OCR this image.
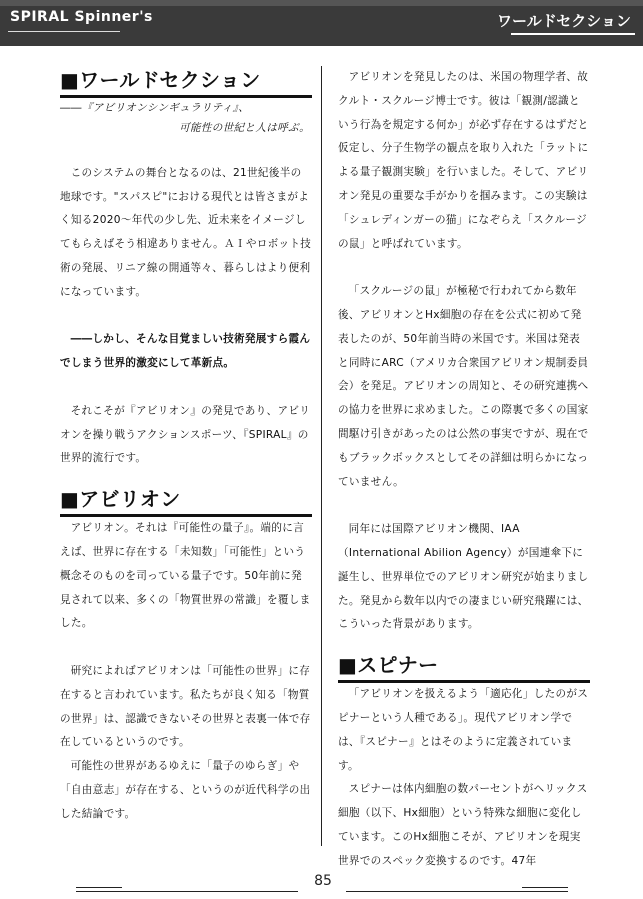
SPIRAL Spinner's	ワールドセクション
■ワールドセクション
――『アビリオンシンギュラリティ』、
可能性の世紀と人は呼ぶ。

このシステムの舞台となるのは、21世紀後半の地球です。"スパスピ"における現代とは皆さまがよく知る2020～年代の少し先、近未来をイメージしてもらえばそう相違ありません。ＡＩやロボット技術の発展、リニア線の開通等々、暮らしはより便利になっています。

――しかし、そんな目覚ましい技術発展すら霞んでしまう世界的激変にして革新点。

それこそが『アビリオン』の発見であり、アビリオンを操り戦うアクションスポーツ、『SPIRAL』の世界的流行です。

■アビリオン

アビリオン。それは『可能性の量子』。端的に言えば、世界に存在する「未知数」「可能性」という概念そのものを司っている量子です。50年前に発見されて以来、多くの「物質世界の常識」を覆しました。

研究によればアビリオンは「可能性の世界」に存在すると言われています。私たちが良く知る「物質の世界」は、認識できないその世界と表裏一体で存在しているというのです。

可能性の世界があるゆえに「量子のゆらぎ」や「自由意志」が存在する、というのが近代科学の出した結論です。

アビリオンを発見したのは、米国の物理学者、故クルト・スクルージ博士です。彼は「観測/認識という行為を規定する何か」が必ず存在するはずだと仮定し、分子生物学の観点を取り入れた「ラットによる量子観測実験」を行いました。そして、アビリオン発見の重要な手がかりを掴みます。この実験は「シュレディンガーの猫」になぞらえ「スクルージの鼠」と呼ばれています。

「スクルージの鼠」が極秘で行われてから数年後、アビリオンとHx細胞の存在を公式に初めて発表したのが、50年前当時の米国です。米国は発表と同時にARC（アメリカ合衆国アビリオン規制委員会）を発足。アビリオンの周知と、その研究連携への協力を世界に求めました。この際裏で多くの国家間駆け引きがあったのは公然の事実ですが、現在でもブラックボックスとしてその詳細は明らかになっていません。

同年には国際アビリオン機関、IAA（International Abilion Agency）が国連傘下に誕生し、世界単位でのアビリオン研究が始まりました。発見から数年以内での凄まじい研究飛躍には、こういった背景があります。

■スピナー

「アビリオンを扱えるよう「適応化」したのがスピナーという人種である」。現代アビリオン学では、『スピナー』とはそのように定義されています。

スピナーは体内細胞の数パーセントがヘリックス細胞（以下、Hx細胞）という特殊な細胞に変化しています。このHx細胞こそが、アビリオンを現実世界でのスペック変換するのです。47年

85
